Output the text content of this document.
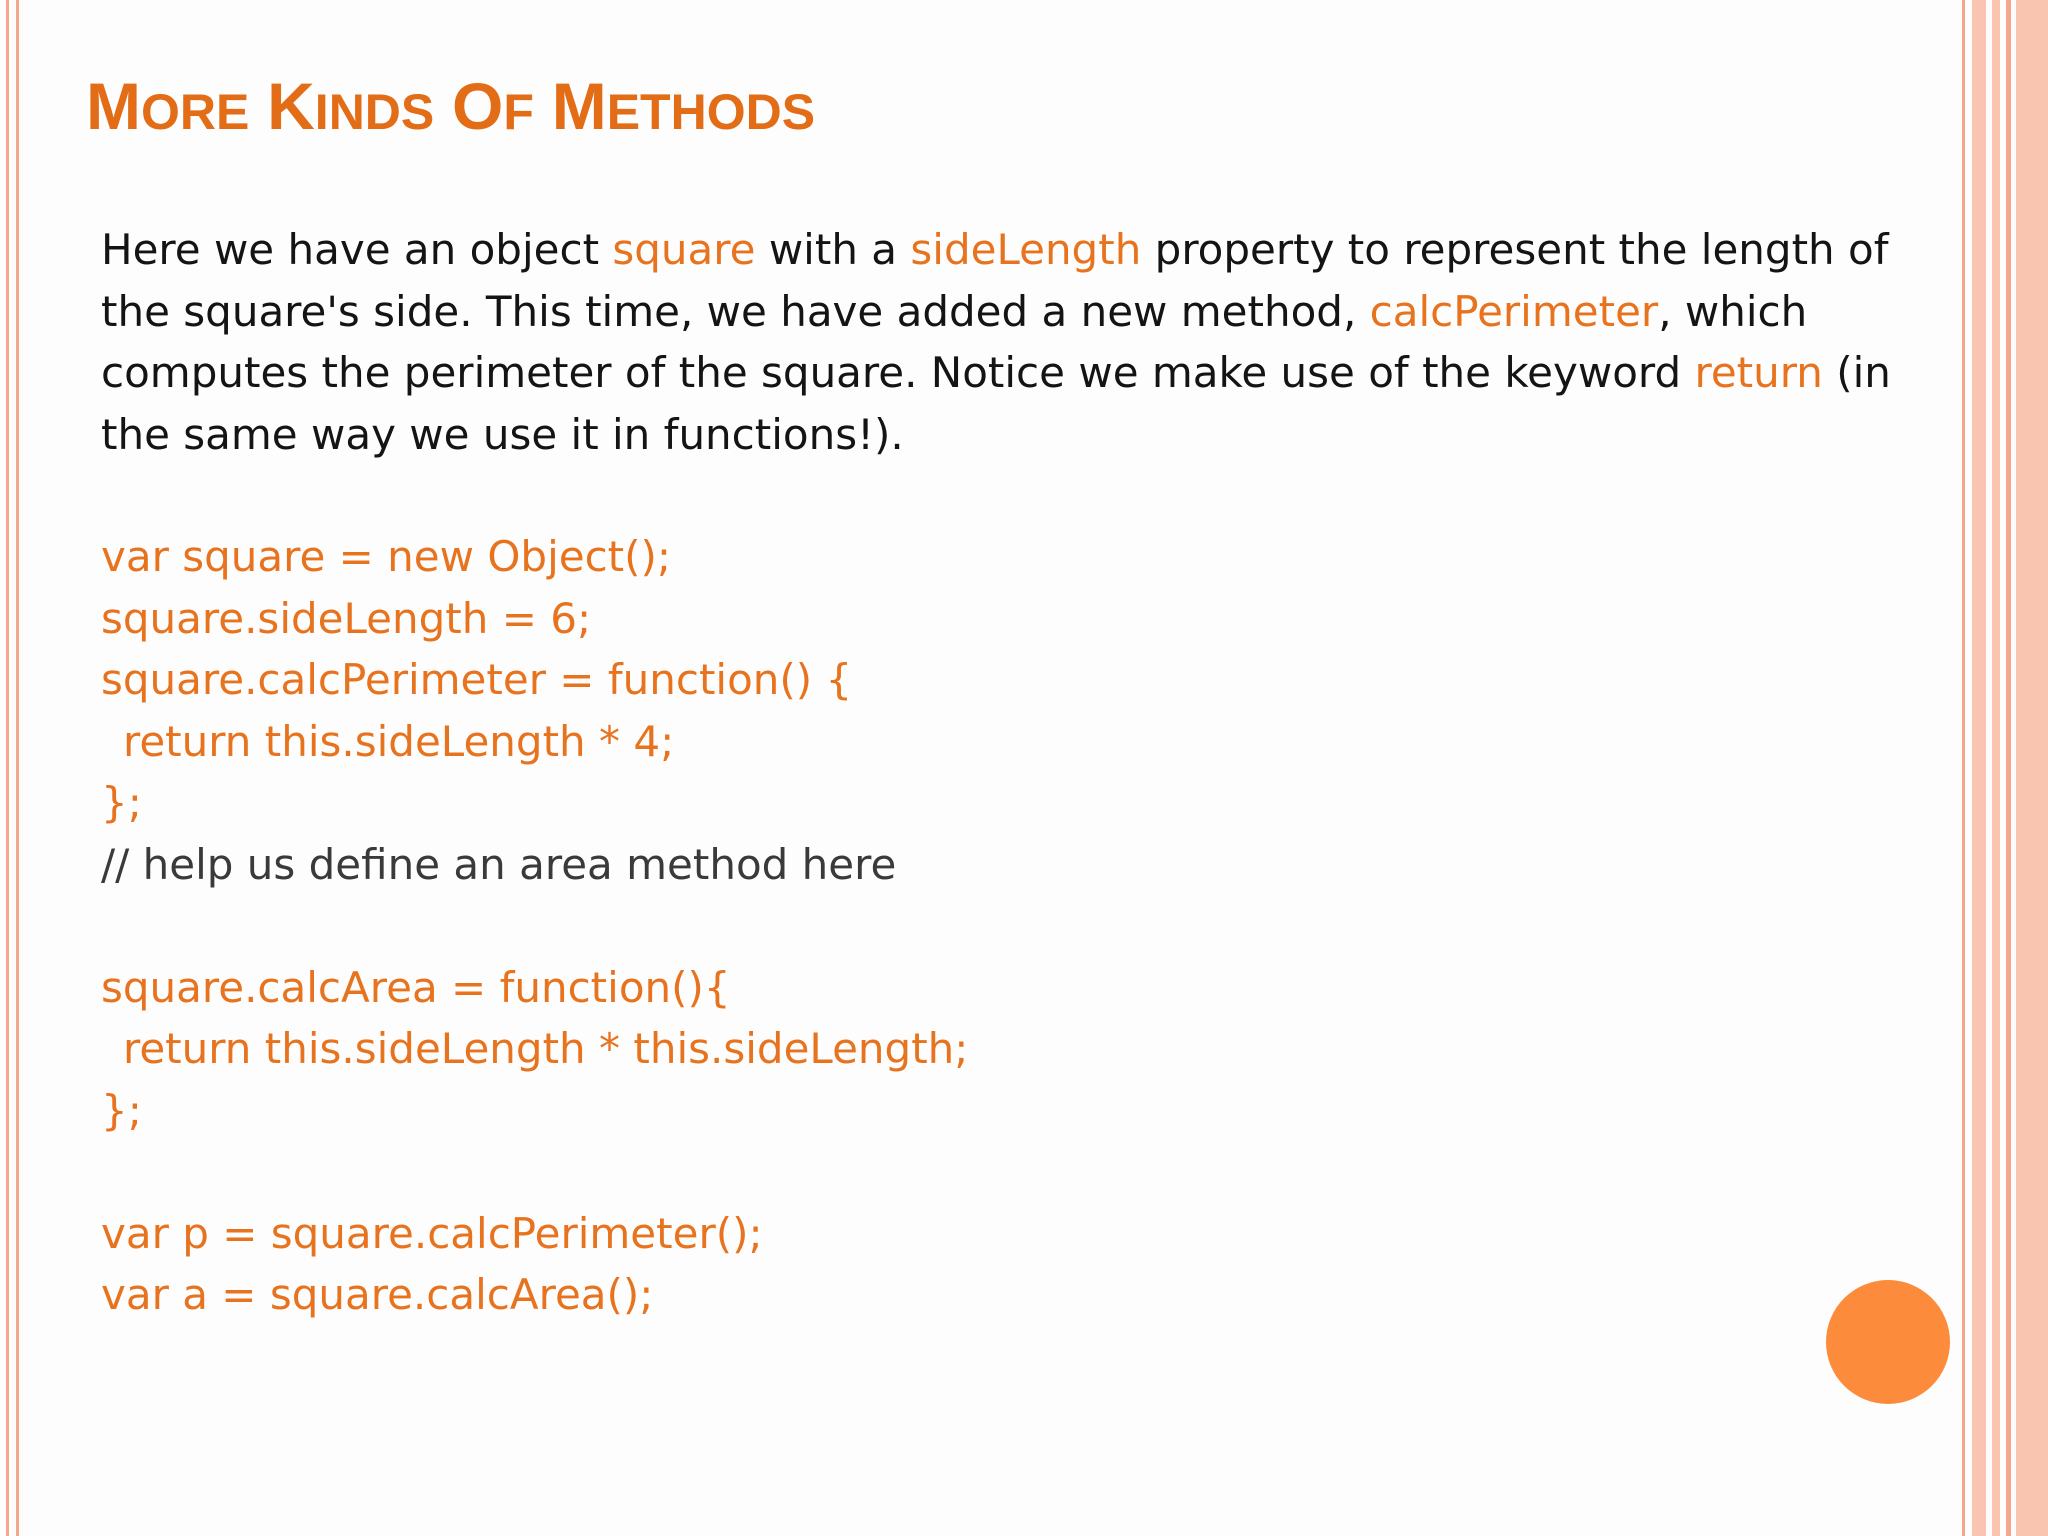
MORE KINDS OF METHODS

Here we have an object square with a sideLength property to represent the length of the square's side. This time, we have added a new method, calcPerimeter, which computes the perimeter of the square. Notice we make use of the keyword return (in the same way we use it in functions!).

var square = new Object();
square.sideLength = 6;
square.calcPerimeter = function() {
return this.sideLength * 4;
};
// help us define an area method here
square.calcArea = function(){
return this.sideLength * this.sideLength;
};
var p = square.calcPerimeter();
var a = square.calcArea();
